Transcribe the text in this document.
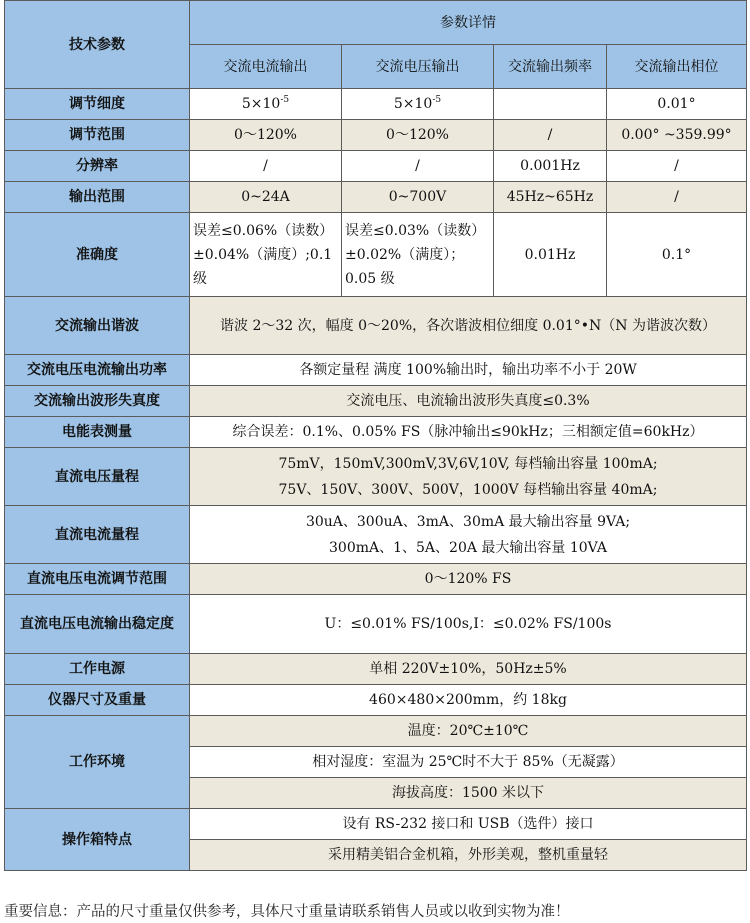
技术参数	参数详情			
	交流电流输出	交流电压输出	交流输出频率	交流输出相位
调节细度	$5\times 10^{-5}$	$5\times 10^{-5}$		0.01°
调节范围	0～120%	0～120%	/	0.00° ~359.99°
分辨率	/	/	0.001Hz	/
输出范围	0~24A	0~700V	45Hz~65Hz	/
准确度	误差≤0.06%（读数）±0.04%（满度）;0.1 级	误差≤0.03%（读数）±0.02%（满度）；0.05 级	0.01Hz	0.1°
交流输出谐波	谐波 2～32 次，幅度 0～20%，各次谐波相位细度 0.01°•N（N 为谐波次数）			
交流电压电流输出功率	各额定量程 满度 100%输出时，输出功率不小于 20W			
交流输出波形失真度	交流电压、电流输出波形失真度≤0.3%			
电能表测量	综合误差：0.1%、0.05% FS（脉冲输出≤90kHz；三相额定值=60kHz）			
直流电压量程	75mV，150mV,300mV,3V,6V,10V, 每档输出容量 100mA;
75V、150V、300V、500V，1000V 每档输出容量 40mA;			

直流电流量程	30uA、300uA、3mA、30mA 最大输出容量 9VA;
300mA、1、5A、20A 最大输出容量 10VA			

直流电压电流调节范围	0～120% FS			
直流电压电流输出稳定度	U：≤0.01% FS/100s,I：≤0.02% FS/100s			
工作电源	单相 220V±10%，50Hz±5%			
仪器尺寸及重量	460×480×200mm，约 18kg			
工作环境	温度：20℃±10℃			
	相对湿度：室温为 25℃时不大于 85%（无凝露）			
	海拔高度：1500 米以下			
操作箱特点	设有 RS-232 接口和 USB（选件）接口			
	采用精美铝合金机箱，外形美观，整机重量轻			
重要信息：产品的尺寸重量仅供参考，具体尺寸重量请联系销售人员或以收到实物为准！
